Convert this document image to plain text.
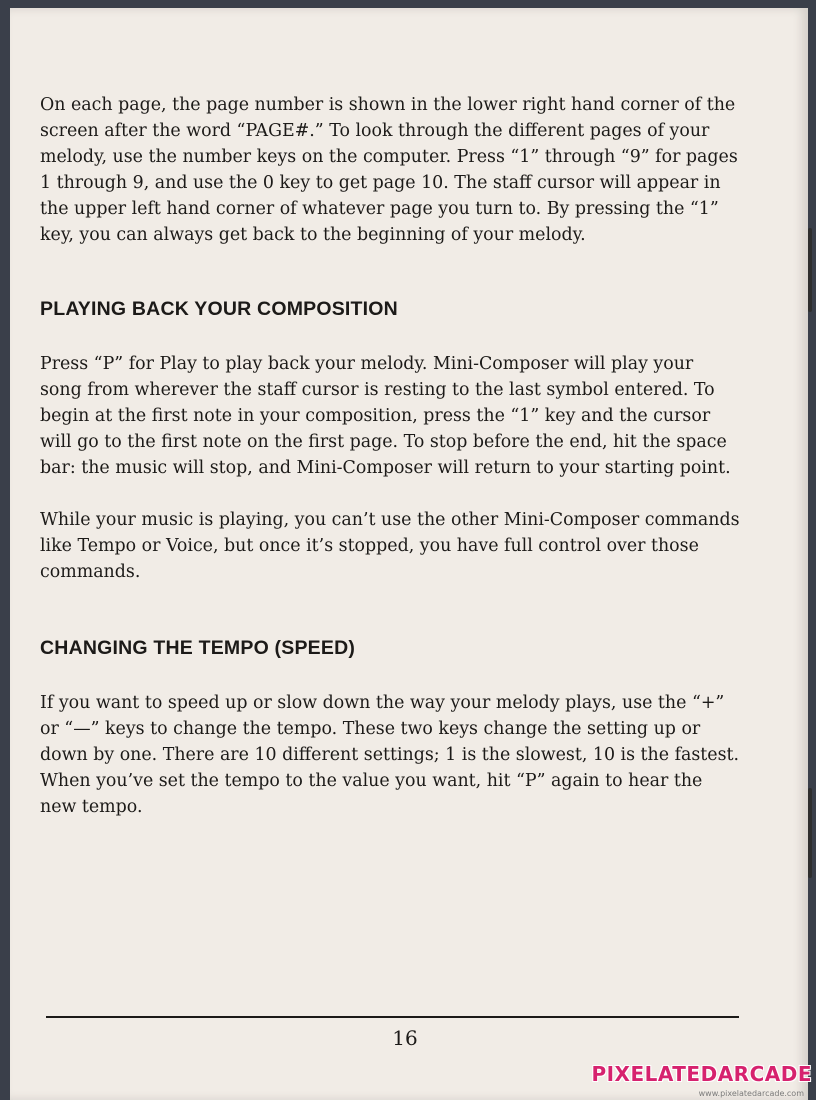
On each page, the page number is shown in the lower right hand corner of the screen after the word “PAGE#.” To look through the different pages of your melody, use the number keys on the computer. Press “1” through “9” for pages 1 through 9, and use the 0 key to get page 10. The staff cursor will appear in the upper left hand corner of whatever page you turn to. By pressing the “1” key, you can always get back to the beginning of your melody.

PLAYING BACK YOUR COMPOSITION

Press “P” for Play to play back your melody. Mini-Composer will play your song from wherever the staff cursor is resting to the last symbol entered. To begin at the first note in your composition, press the “1” key and the cursor will go to the first note on the first page. To stop before the end, hit the space bar: the music will stop, and Mini-Composer will return to your starting point.

While your music is playing, you can’t use the other Mini-Composer commands like Tempo or Voice, but once it’s stopped, you have full control over those commands.

CHANGING THE TEMPO (SPEED)

If you want to speed up or slow down the way your melody plays, use the “+” or “—” keys to change the tempo. These two keys change the setting up or down by one. There are 10 different settings; 1 is the slowest, 10 is the fastest. When you’ve set the tempo to the value you want, hit “P” again to hear the new tempo.

16
PIXELATEDARCADE
www.pixelatedarcade.com
